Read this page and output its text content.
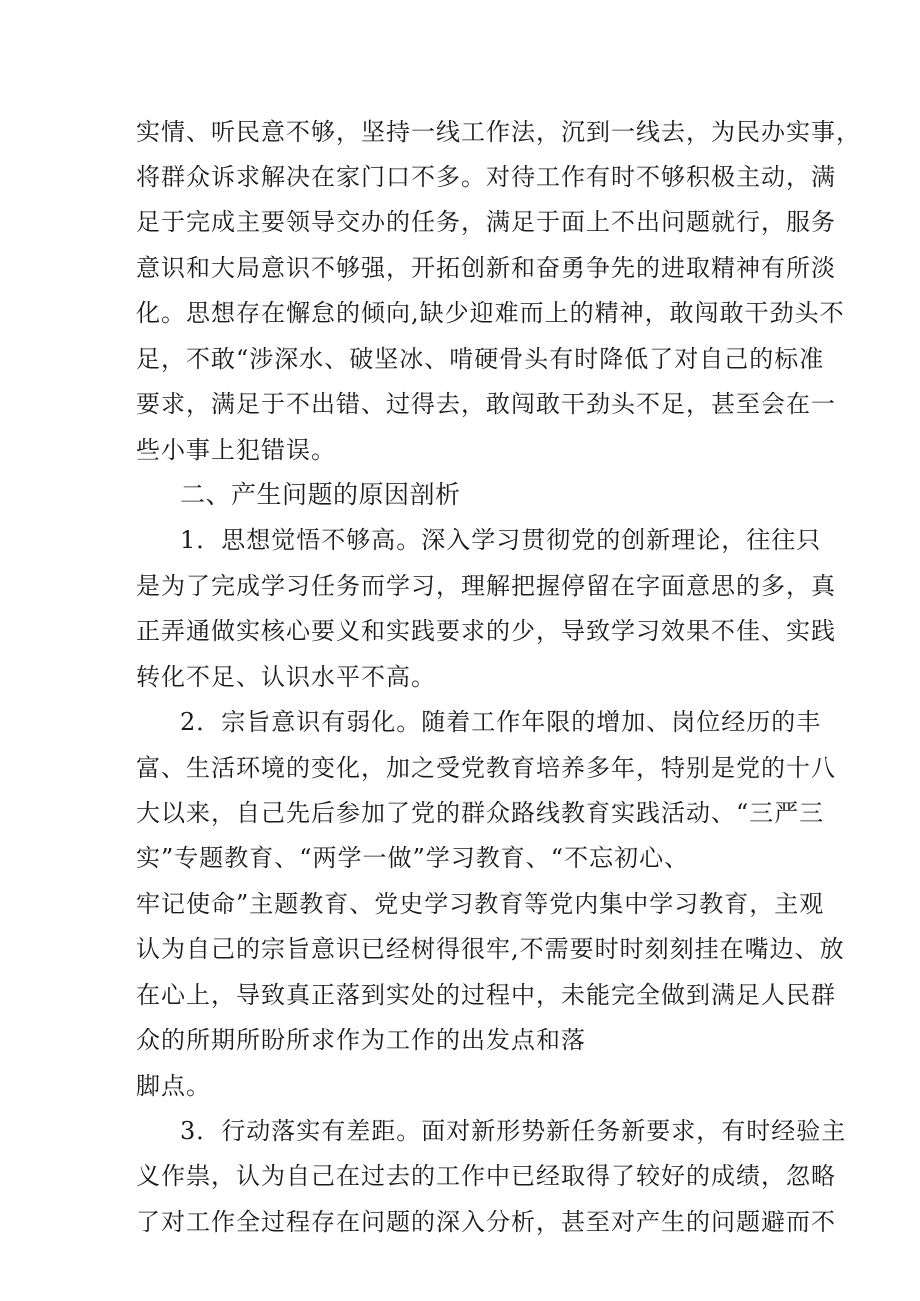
实情、听民意不够，坚持一线工作法，沉到一线去，为民办实事，
将群众诉求解决在家门口不多。对待工作有时不够积极主动，满
足于完成主要领导交办的任务，满足于面上不出问题就行，服务
意识和大局意识不够强，开拓创新和奋勇争先的进取精神有所淡
化。思想存在懈怠的倾向,缺少迎难而上的精神，敢闯敢干劲头不
足，不敢“涉深水、破坚冰、啃硬骨头有时降低了对自己的标准
要求，满足于不出错、过得去，敢闯敢干劲头不足，甚至会在一
些小事上犯错误。
二、产生问题的原因剖析
1．思想觉悟不够高。深入学习贯彻党的创新理论，往往只
是为了完成学习任务而学习，理解把握停留在字面意思的多，真
正弄通做实核心要义和实践要求的少，导致学习效果不佳、实践
转化不足、认识水平不高。
2．宗旨意识有弱化。随着工作年限的增加、岗位经历的丰
富、生活环境的变化，加之受党教育培养多年，特别是党的十八
大以来，自己先后参加了党的群众路线教育实践活动、“三严三
实”专题教育、“两学一做”学习教育、“不忘初心、
牢记使命”主题教育、党史学习教育等党内集中学习教育，主观
认为自己的宗旨意识已经树得很牢,不需要时时刻刻挂在嘴边、放
在心上，导致真正落到实处的过程中，未能完全做到满足人民群
众的所期所盼所求作为工作的出发点和落
脚点。
3．行动落实有差距。面对新形势新任务新要求，有时经验主
义作祟，认为自己在过去的工作中已经取得了较好的成绩，忽略
了对工作全过程存在问题的深入分析，甚至对产生的问题避而不
